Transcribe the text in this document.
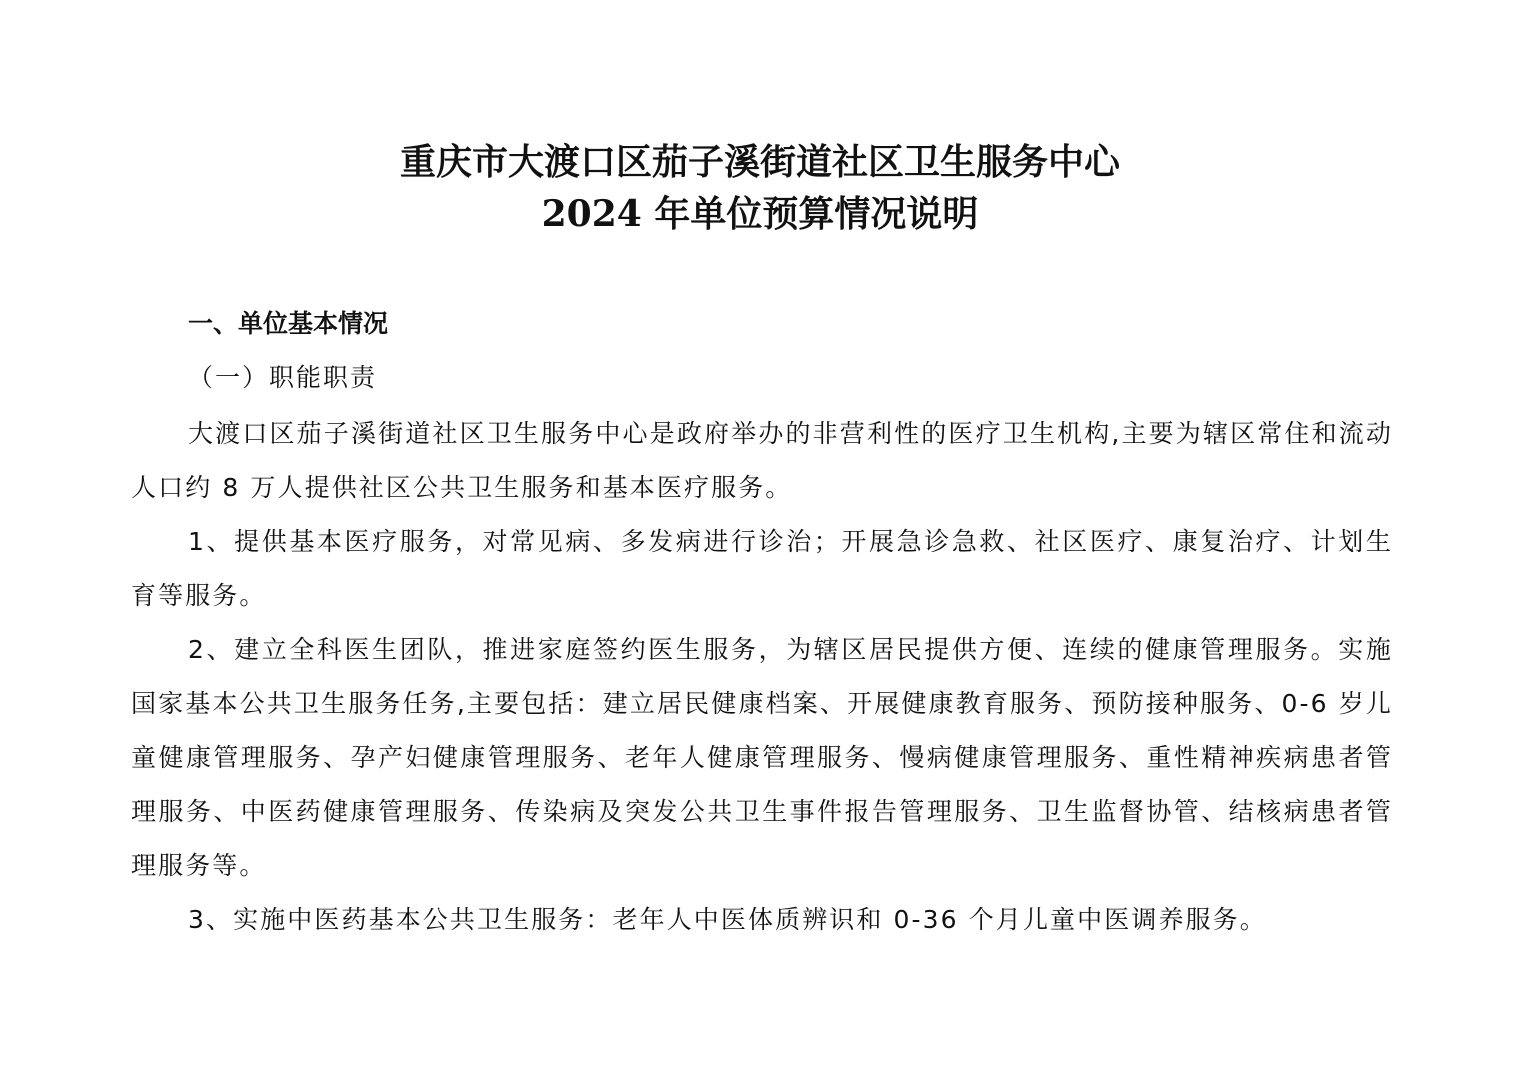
重庆市大渡口区茄子溪街道社区卫生服务中心
2024 年单位预算情况说明
一、单位基本情况
（一）职能职责

大渡口区茄子溪街道社区卫生服务中心是政府举办的非营利性的医疗卫生机构,主要为辖区常住和流动人口约 8 万人提供社区公共卫生服务和基本医疗服务。

1、提供基本医疗服务，对常见病、多发病进行诊治；开展急诊急救、社区医疗、康复治疗、计划生育等服务。

2、建立全科医生团队，推进家庭签约医生服务，为辖区居民提供方便、连续的健康管理服务。实施国家基本公共卫生服务任务,主要包括：建立居民健康档案、开展健康教育服务、预防接种服务、0-6 岁儿童健康管理服务、孕产妇健康管理服务、老年人健康管理服务、慢病健康管理服务、重性精神疾病患者管理服务、中医药健康管理服务、传染病及突发公共卫生事件报告管理服务、卫生监督协管、结核病患者管理服务等。

3、实施中医药基本公共卫生服务：老年人中医体质辨识和 0-36 个月儿童中医调养服务。
